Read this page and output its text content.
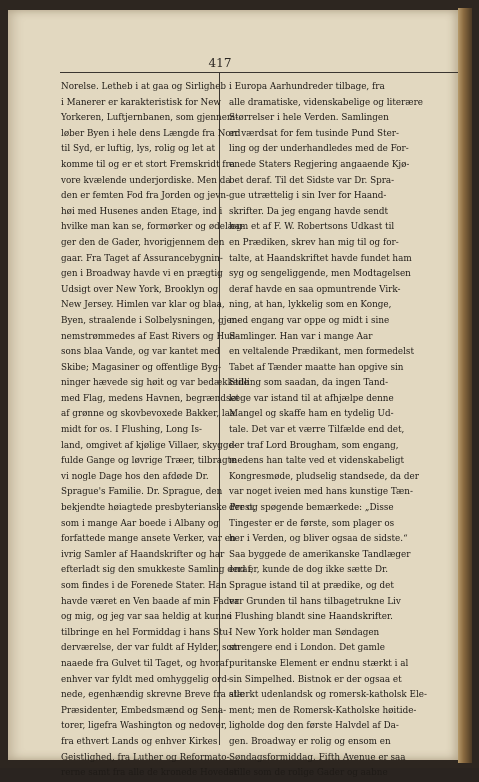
417
Norelse. Letheb i at gaa og Sirligheb
i Manerer er karakteristisk for New
Yorkeren, Luftjernbanen, som gjennem-
løber Byen i hele dens Længde fra Nord
til Syd, er luftig, lys, rolig og let at
komme til og er et stort Fremskridt fra
vore kvælende underjordiske. Men da
den er femten Fod fra Jorden og jevn-
høi med Husenes anden Etage, ind i
hvilke man kan se, formørker og ødelæg-
ger den de Gader, hvorigjennem den
gaar. Fra Taget af Assurancebygnin-
gen i Broadway havde vi en prægtig
Udsigt over New York, Brooklyn og
New Jersey. Himlen var klar og blaa,
Byen, straalende i Solbelysningen, gjen-
nemstrømmedes af East Rivers og Hud-
sons blaa Vande, og var kantet med
Skibe; Magasiner og offentlige Byg-
ninger hævede sig høit og var bedækkede
med Flag, medens Havnen, begrændset
af grønne og skovbevoxede Bakker, laa
midt for os. I Flushing, Long Is-
land, omgivet af kjølige Villaer, skygge-
fulde Gange og løvrige Træer, tilbragte
vi nogle Dage hos den afdøde Dr.
Sprague's Familie. Dr. Sprague, den
bekjendte høiagtede presbyterianske Prest,
som i mange Aar boede i Albany og
forfattede mange ansete Verker, var en
ivrig Samler af Haandskrifter og har
efterladt sig den smukkeste Samling deraf,
som findes i de Forenede Stater. Han
havde været en Ven baade af min Fader
og mig, og jeg var saa heldig at kunne
tilbringe en hel Formiddag i hans Stu-
derværelse, der var fuldt af Hylder, som
naaede fra Gulvet til Taget, og hvoraf
enhver var fyldt med omhyggelig ord-
nede, egenhændig skrevne Breve fra alle
Præsidenter, Embedsmænd og Sena-
torer, ligefra Washington og nedover,
fra ethvert Lands og enhver Kirkes
Geistlighed, fra Luther og Reformato-
rerne samt fra alle de kronede Hoveder
i Europa Aarhundreder tilbage, fra
alle dramatiske, videnskabelige og literære
Størrelser i hele Verden. Samlingen
er værdsat for fem tusinde Pund Ster-
ling og der underhandledes med de For-
enede Staters Regjering angaaende Kjø-
bet deraf. Til det Sidste var Dr. Spra-
gue utrættelig i sin Iver for Haand-
skrifter. Da jeg engang havde sendt
ham et af F. W. Robertsons Udkast til
en Prædiken, skrev han mig til og for-
talte, at Haandskriftet havde fundet ham
syg og sengeliggende, men Modtagelsen
deraf havde en saa opmuntrende Virk-
ning, at han, lykkelig som en Konge,
med engang var oppe og midt i sine
Samlinger. Han var i mange Aar
en veltalende Prædikant, men formedelst
Tabet af Tænder maatte han opgive sin
Stilling som saadan, da ingen Tand-
læge var istand til at afhjælpe denne
Mangel og skaffe ham en tydelig Ud-
tale. Det var et værre Tilfælde end det,
der traf Lord Brougham, som engang,
medens han talte ved et videnskabeligt
Kongresmøde, pludselig standsede, da der
var noget iveien med hans kunstige Tæn-
der og spøgende bemærkede: „Disse
Tingester er de første, som plager os
her i Verden, og bliver ogsaa de sidste.“
Saa byggede de amerikanske Tandlæger
end er, kunde de dog ikke sætte Dr.
Sprague istand til at prædike, og det
var Grunden til hans tilbagetrukne Liv
i Flushing blandt sine Haandskrifter.
I New York holder man Søndagen
strengere end i London. Det gamle
puritanske Element er endnu stærkt i al
sin Simpelhed. Bistnok er der ogsaa et
stærkt udenlandsk og romersk-katholsk Ele-
ment; men de Romersk-Katholske høitide-
ligholde dog den første Halvdel af Da-
gen. Broadway er rolig og ensom en
Søndagsformiddag. Fifth Avenue er saa
stille som de rolige Gader og aabne
